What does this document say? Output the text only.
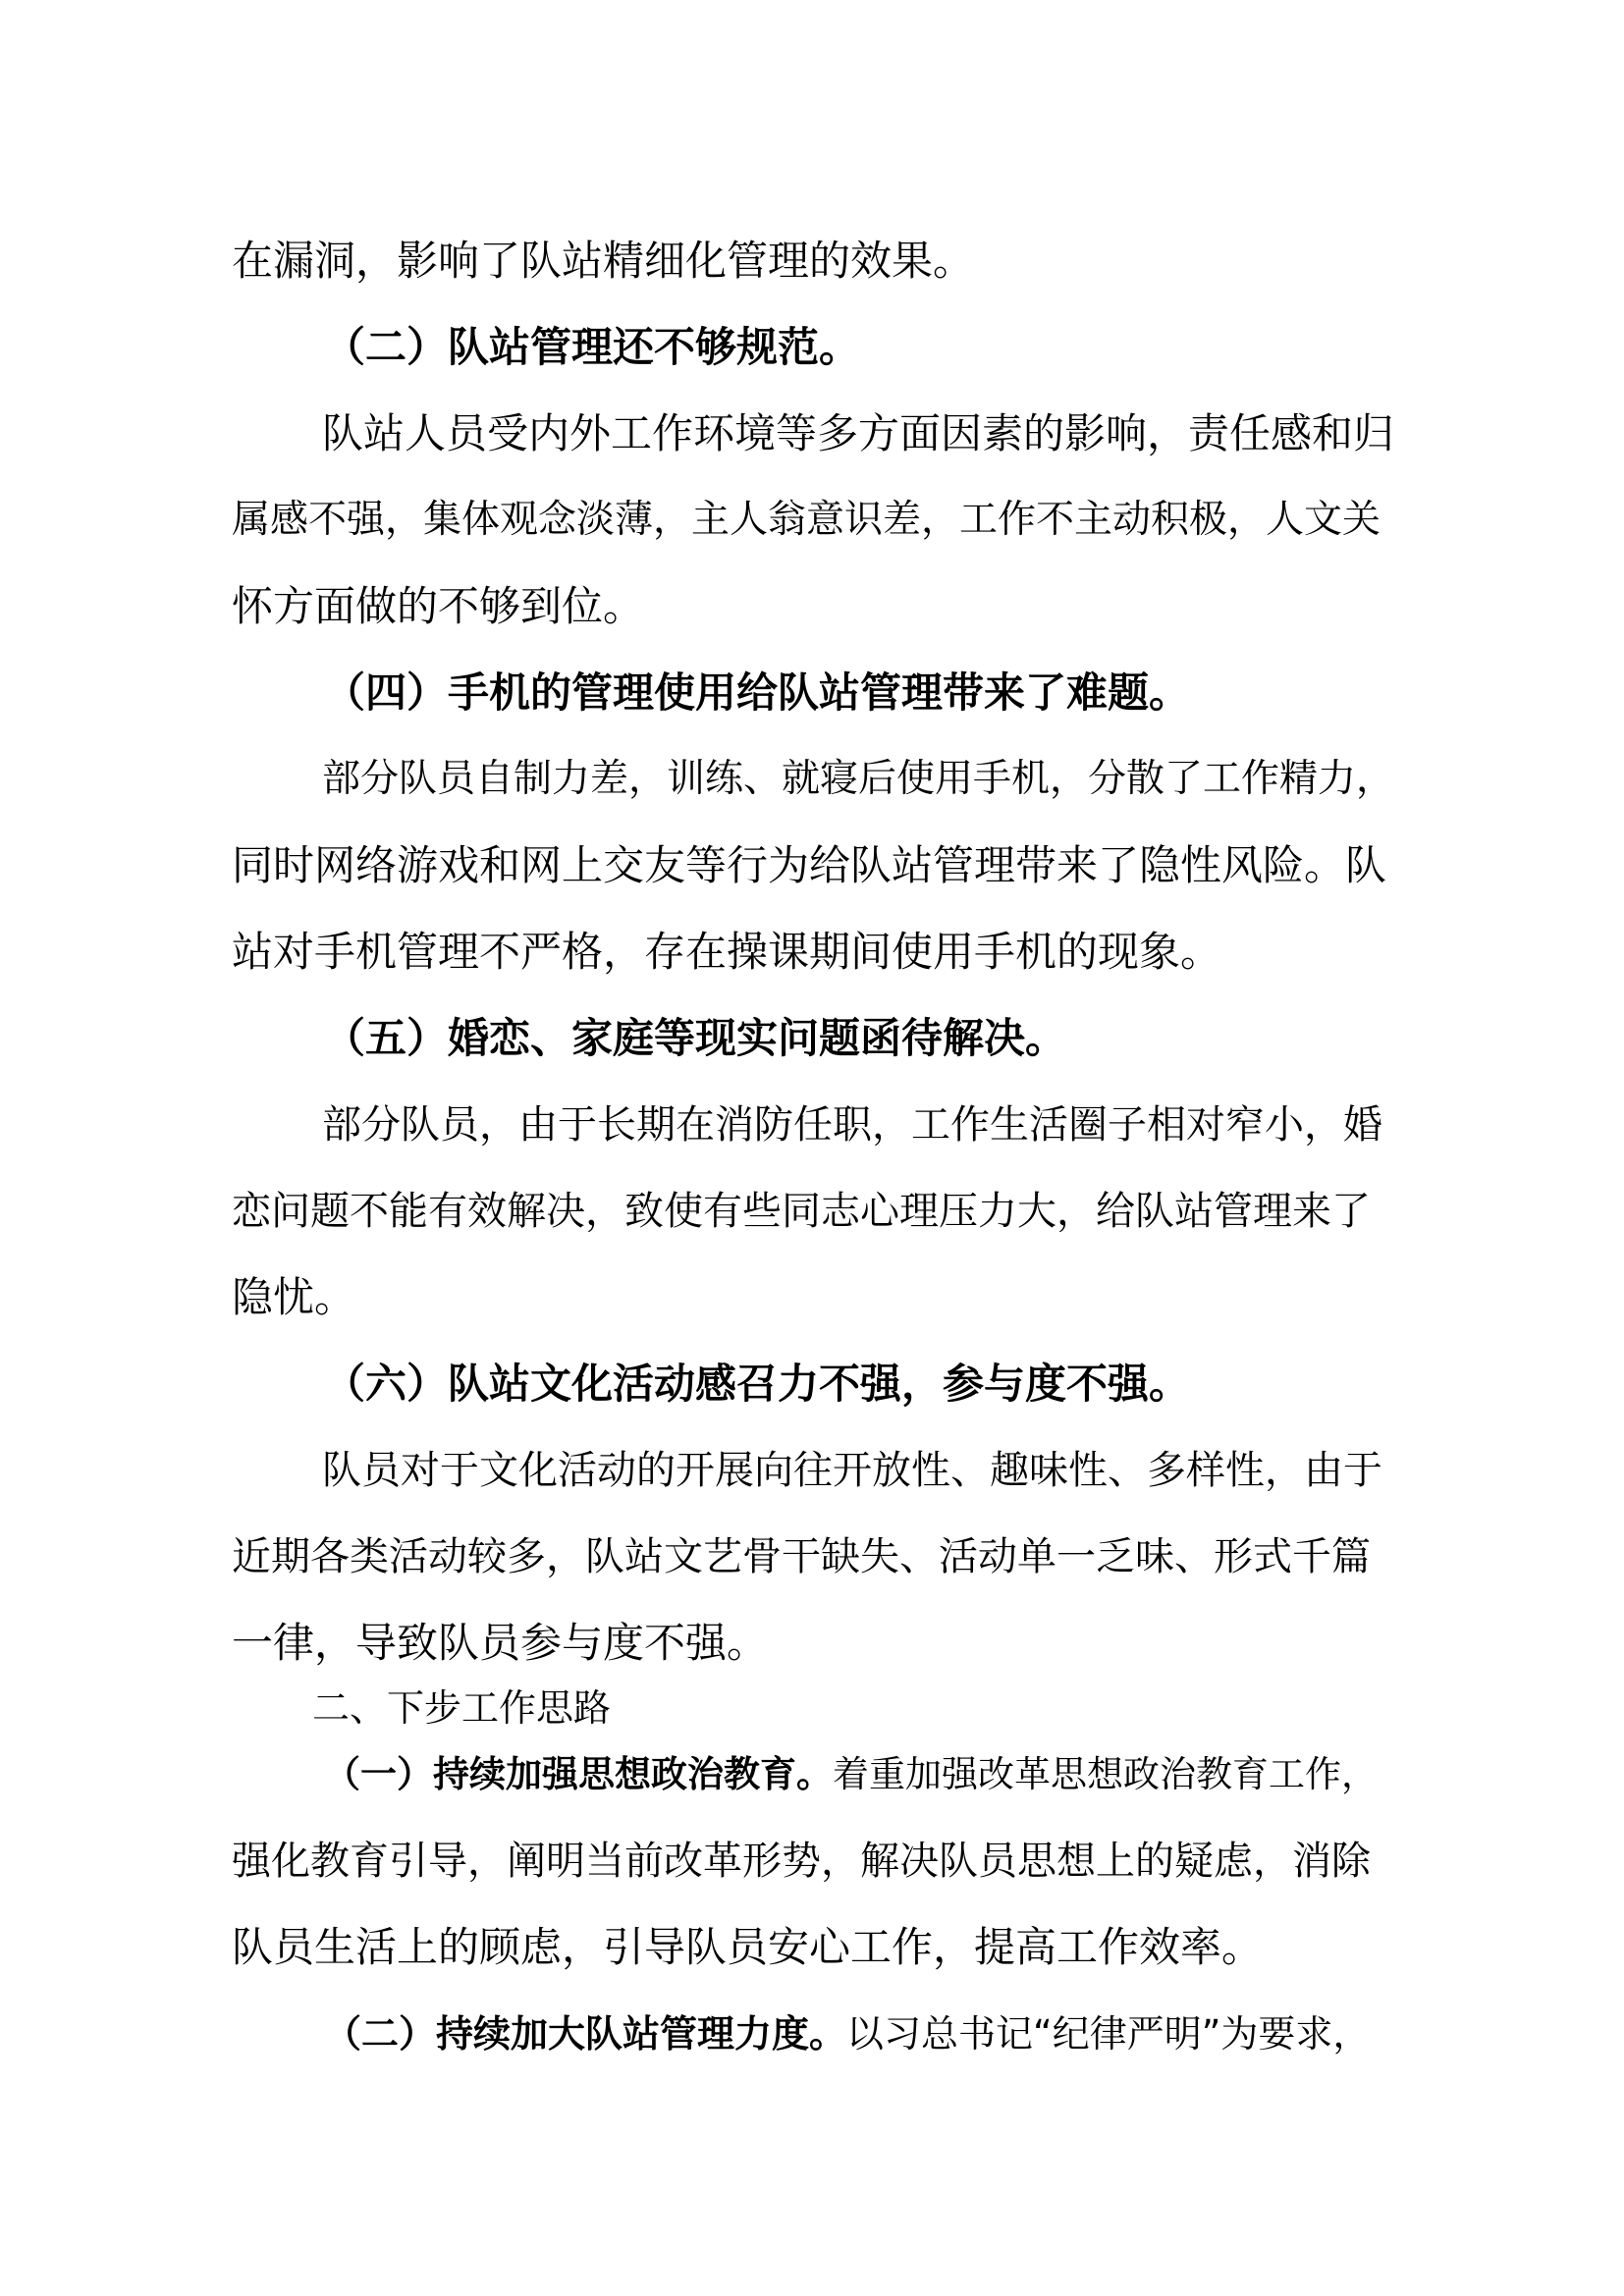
在漏洞，影响了队站精细化管理的效果。
（二）队站管理还不够规范。
队站人员受内外工作环境等多方面因素的影响，责任感和归
属感不强，集体观念淡薄，主人翁意识差，工作不主动积极，人文关
怀方面做的不够到位。
（四）手机的管理使用给队站管理带来了难题。
部分队员自制力差，训练、就寝后使用手机，分散了工作精力，
同时网络游戏和网上交友等行为给队站管理带来了隐性风险。队
站对手机管理不严格，存在操课期间使用手机的现象。
（五）婚恋、家庭等现实问题函待解决。
部分队员，由于长期在消防任职，工作生活圈子相对窄小，婚
恋问题不能有效解决，致使有些同志心理压力大，给队站管理来了
隐忧。
（六）队站文化活动感召力不强，参与度不强。
队员对于文化活动的开展向往开放性、趣味性、多样性，由于
近期各类活动较多，队站文艺骨干缺失、活动单一乏味、形式千篇
一律，导致队员参与度不强。
二、下步工作思路
（一）持续加强思想政治教育。着重加强改革思想政治教育工作，
强化教育引导，阐明当前改革形势，解决队员思想上的疑虑，消除
队员生活上的顾虑，引导队员安心工作，提高工作效率。
（二）持续加大队站管理力度。以习总书记“纪律严明”为要求，
